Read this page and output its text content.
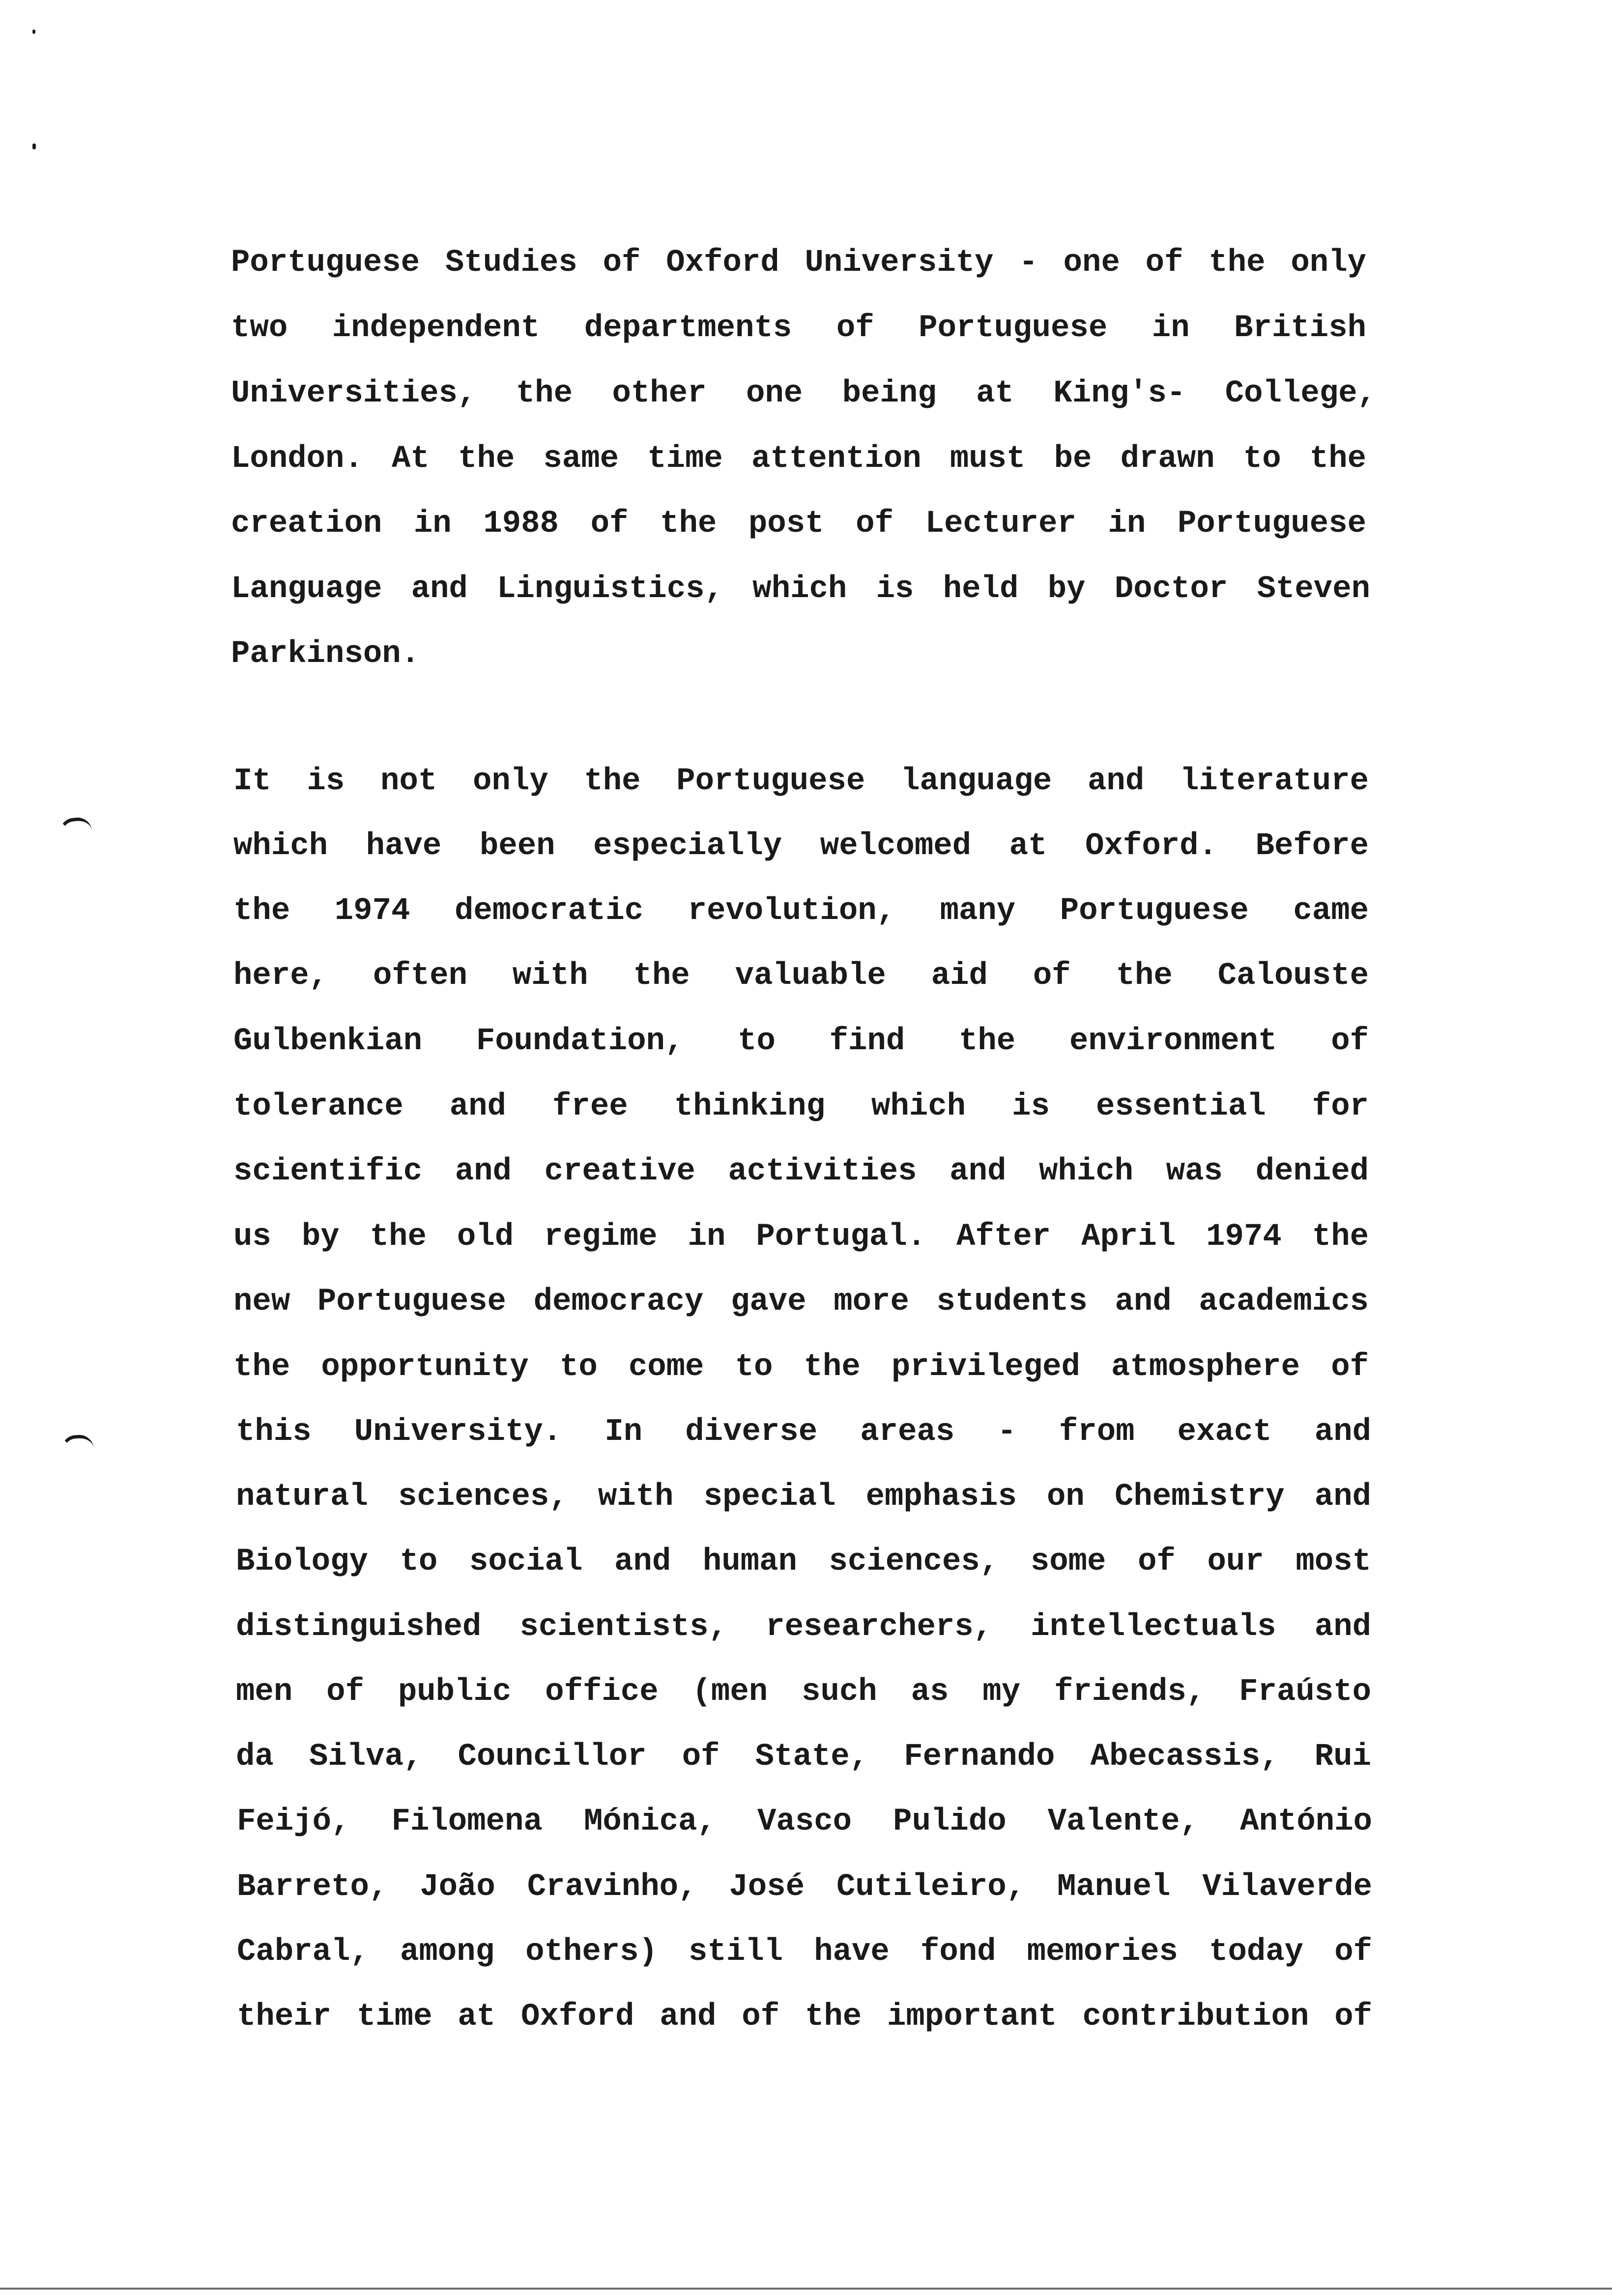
Portuguese Studies of Oxford University - one of the only
two independent departments of Portuguese in British
Universities, the other one being at King's- College,
London. At the same time attention must be drawn to the
creation in 1988 of the post of Lecturer in Portuguese
Language and Linguistics, which is held by Doctor Steven
Parkinson.
It is not only the Portuguese language and literature
which have been especially welcomed at Oxford. Before
the 1974 democratic revolution, many Portuguese came
here, often with the valuable aid of the Calouste
Gulbenkian Foundation, to find the environment of
tolerance and free thinking which is essential for
scientific and creative activities and which was denied
us by the old regime in Portugal. After April 1974 the
new Portuguese democracy gave more students and academics
the opportunity to come to the privileged atmosphere of
this University. In diverse areas - from exact and
natural sciences, with special emphasis on Chemistry and
Biology to social and human sciences, some of our most
distinguished scientists, researchers, intellectuals and
men of public office (men such as my friends, Fraústo
da Silva, Councillor of State, Fernando Abecassis, Rui
Feijó, Filomena Mónica, Vasco Pulido Valente, António
Barreto, João Cravinho, José Cutileiro, Manuel Vilaverde
Cabral, among others) still have fond memories today of
their time at Oxford and of the important contribution of
